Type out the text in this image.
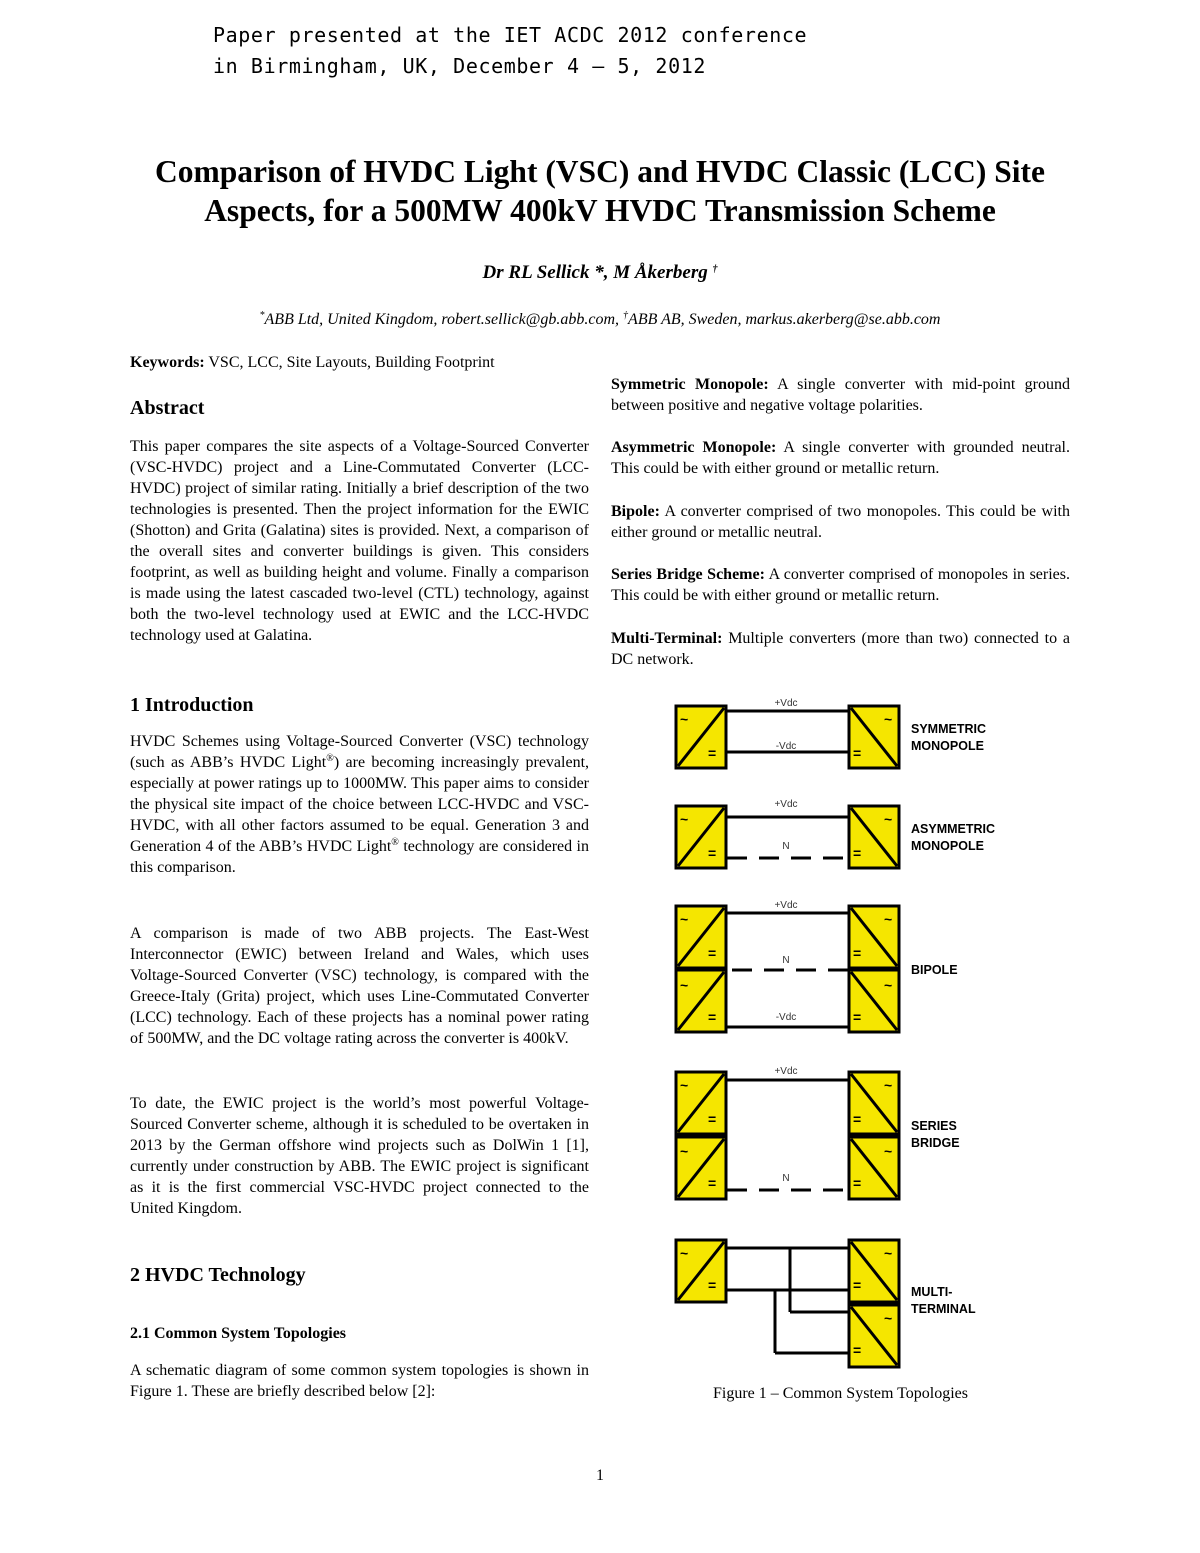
Paper presented at the IET ACDC 2012 conference
in Birmingham, UK, December 4 – 5, 2012
Comparison of HVDC Light (VSC) and HVDC Classic (LCC) Site
Aspects, for a 500MW 400kV HVDC Transmission Scheme
Dr RL Sellick *, M Åkerberg †
*ABB Ltd, United Kingdom, robert.sellick@gb.abb.com, †ABB AB, Sweden, markus.akerberg@se.abb.com
Keywords: VSC, LCC, Site Layouts, Building Footprint
Abstract

This paper compares the site aspects of a Voltage-Sourced Converter (VSC-HVDC) project and a Line-Commutated Converter (LCC-HVDC) project of similar rating. Initially a brief description of the two technologies is presented. Then the project information for the EWIC (Shotton) and Grita (Galatina) sites is provided. Next, a comparison of the overall sites and converter buildings is given. This considers footprint, as well as building height and volume. Finally a comparison is made using the latest cascaded two-level (CTL) technology, against both the two-level technology used at EWIC and the LCC-HVDC technology used at Galatina.

1 Introduction

HVDC Schemes using Voltage-Sourced Converter (VSC) technology (such as ABB’s HVDC Light®) are becoming increasingly prevalent, especially at power ratings up to 1000MW. This paper aims to consider the physical site impact of the choice between LCC-HVDC and VSC-HVDC, with all other factors assumed to be equal. Generation 3 and Generation 4 of the ABB’s HVDC Light® technology are considered in this comparison.

A comparison is made of two ABB projects. The East-West Interconnector (EWIC) between Ireland and Wales, which uses Voltage-Sourced Converter (VSC) technology, is compared with the Greece-Italy (Grita) project, which uses Line-Commutated Converter (LCC) technology. Each of these projects has a nominal power rating of 500MW, and the DC voltage rating across the converter is 400kV.

To date, the EWIC project is the world’s most powerful Voltage-Sourced Converter scheme, although it is scheduled to be overtaken in 2013 by the German offshore wind projects such as DolWin 1 [1], currently under construction by ABB. The EWIC project is significant as it is the first commercial VSC-HVDC project connected to the United Kingdom.

2 HVDC Technology
2.1 Common System Topologies

A schematic diagram of some common system topologies is shown in Figure 1. These are briefly described below [2]:

Symmetric Monopole: A single converter with mid-point ground between positive and negative voltage polarities.

Asymmetric Monopole: A single converter with grounded neutral. This could be with either ground or metallic return.

Bipole: A converter comprised of two monopoles. This could be with either ground or metallic neutral.

Series Bridge Scheme: A converter comprised of monopoles in series. This could be with either ground or metallic return.

Multi-Terminal: Multiple converters (more than two) connected to a DC network.

~
=
~
=
~
=
~
=
~
=
~
=
~
=
~
=
~
=
~
=
~
=
~
=
~
=
~
=
~
=
+Vdc
-Vdc
+Vdc
N
+Vdc
N
-Vdc
+Vdc
N
SYMMETRIC
MONOPOLE
ASYMMETRIC
MONOPOLE
BIPOLE
SERIES
BRIDGE
MULTI-
TERMINAL
Figure 1 – Common System Topologies
1
